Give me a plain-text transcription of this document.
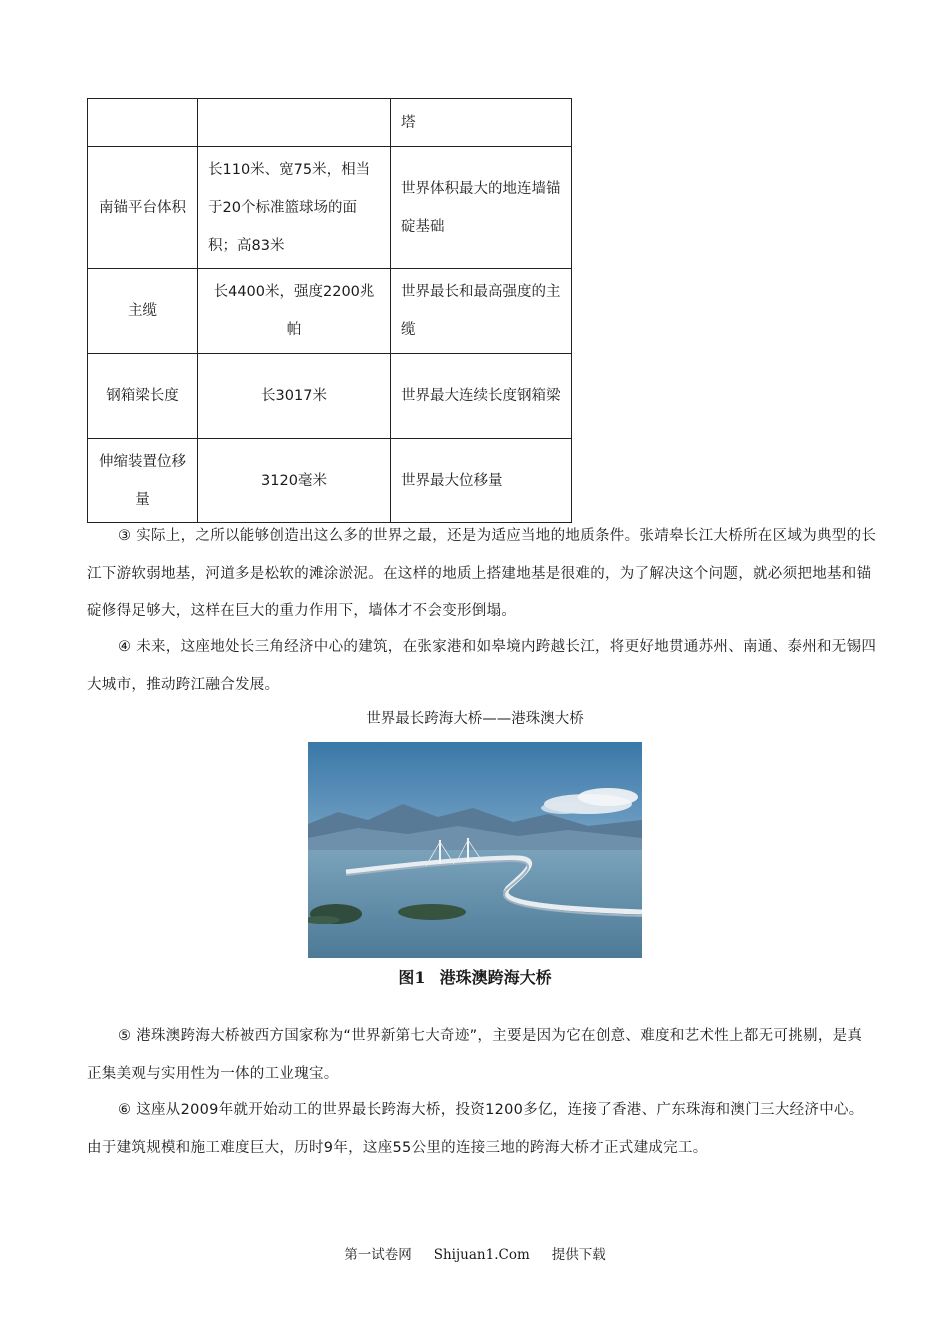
		塔
南锚平台体积	长110米、宽75米，相当于20个标准篮球场的面积；高83米	世界体积最大的地连墙锚碇基础
主缆	长4400米，强度2200兆帕	世界最长和最高强度的主缆
钢箱梁长度	长3017米	世界最大连续长度钢箱梁
伸缩装置位移量	3120毫米	世界最大位移量

③ 实际上，之所以能够创造出这么多的世界之最，还是为适应当地的地质条件。张靖皋长江大桥所在区域为典型的长江下游软弱地基，河道多是松软的滩涂淤泥。在这样的地质上搭建地基是很难的，为了解决这个问题，就必须把地基和锚碇修得足够大，这样在巨大的重力作用下，墙体才不会变形倒塌。

④ 未来，这座地处长三角经济中心的建筑，在张家港和如皋境内跨越长江，将更好地贯通苏州、南通、泰州和无锡四大城市，推动跨江融合发展。

世界最长跨海大桥——港珠澳大桥
图1 港珠澳跨海大桥

⑤ 港珠澳跨海大桥被西方国家称为“世界新第七大奇迹”，主要是因为它在创意、难度和艺术性上都无可挑剔，是真正集美观与实用性为一体的工业瑰宝。

⑥ 这座从2009年就开始动工的世界最长跨海大桥，投资1200多亿，连接了香港、广东珠海和澳门三大经济中心。由于建筑规模和施工难度巨大，历时9年，这座55公里的连接三地的跨海大桥才正式建成完工。

第一试卷网 Shijuan1.Com 提供下载
